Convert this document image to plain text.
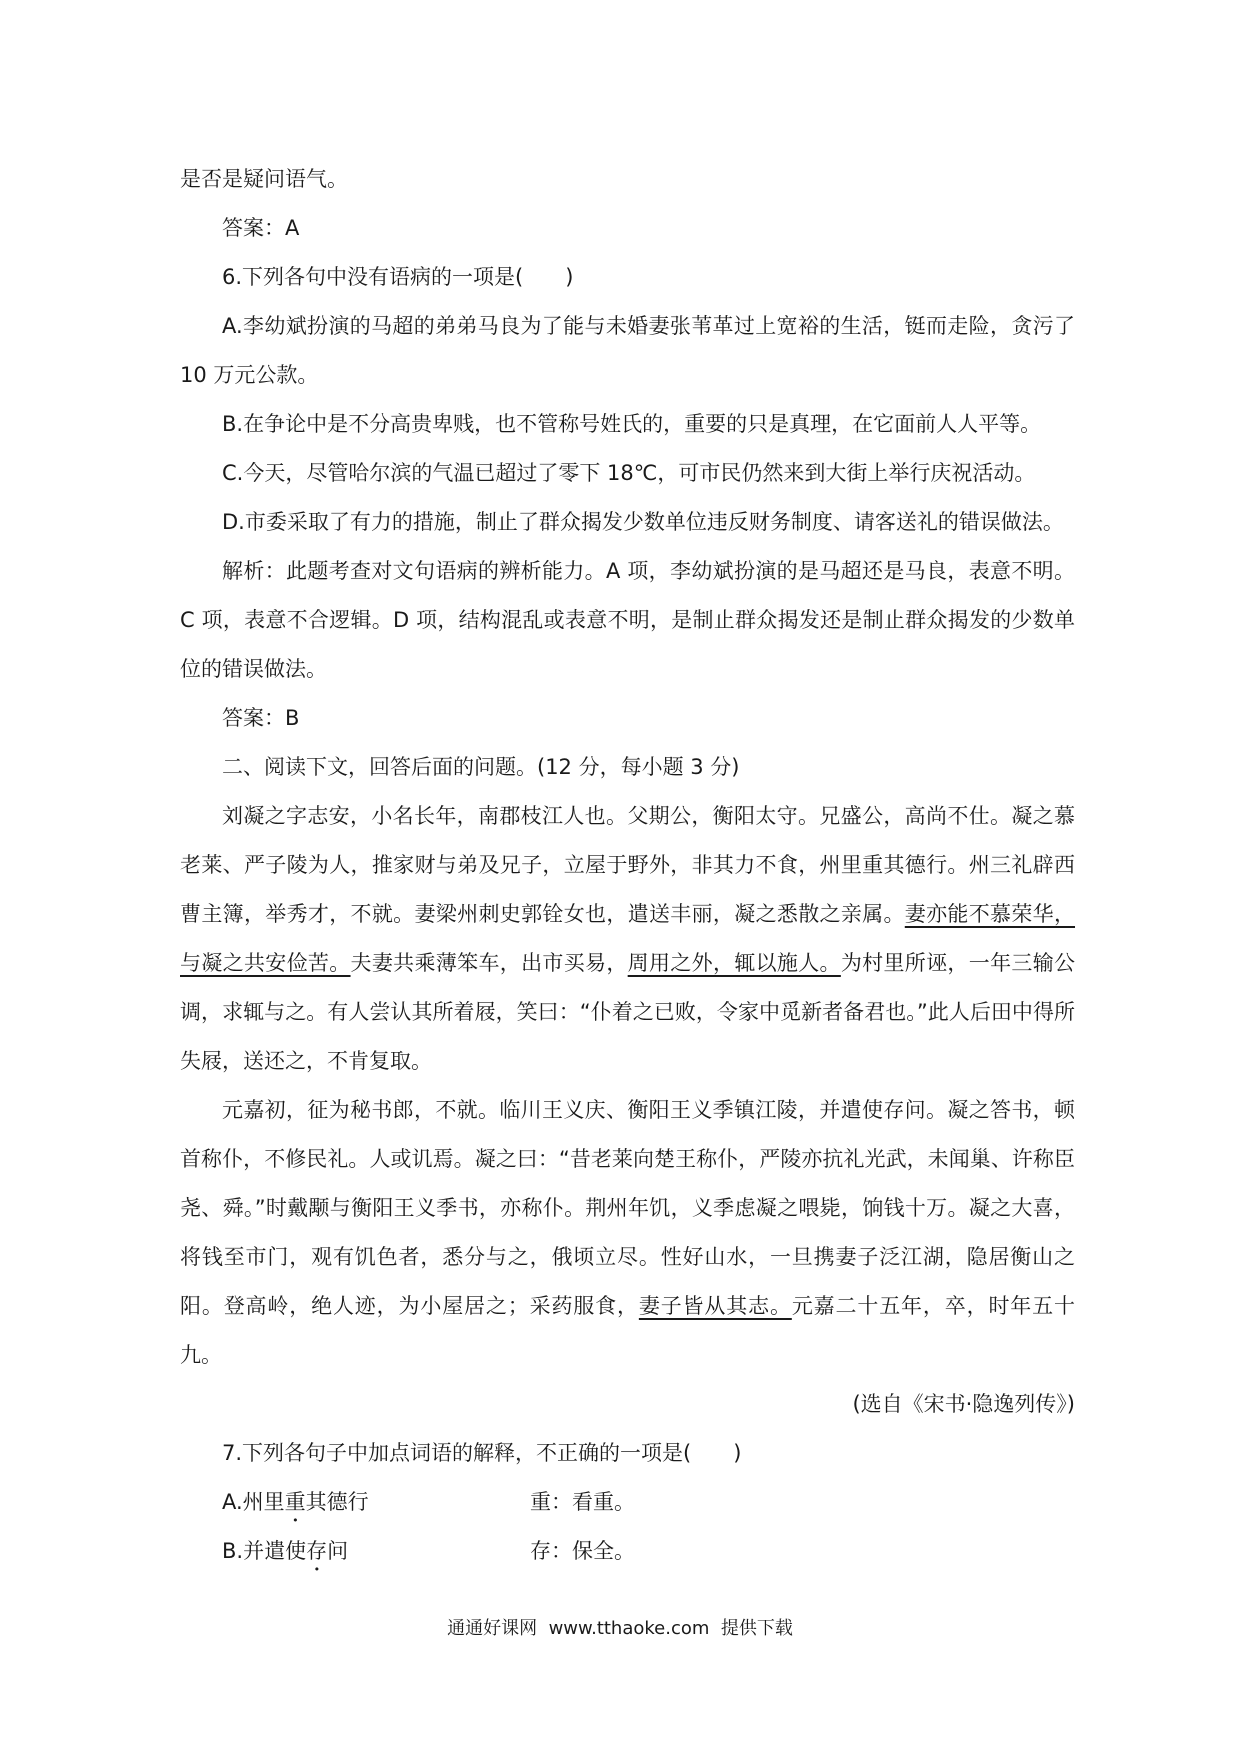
是否是疑问语气。

答案：A

6.下列各句中没有语病的一项是(　　)

A.李幼斌扮演的马超的弟弟马良为了能与未婚妻张苇革过上宽裕的生活，铤而走险，贪污了 10 万元公款。

B.在争论中是不分高贵卑贱，也不管称号姓氏的，重要的只是真理，在它面前人人平等。

C.今天，尽管哈尔滨的气温已超过了零下 18℃，可市民仍然来到大街上举行庆祝活动。

D.市委采取了有力的措施，制止了群众揭发少数单位违反财务制度、请客送礼的错误做法。

解析：此题考查对文句语病的辨析能力。A 项，李幼斌扮演的是马超还是马良，表意不明。C 项，表意不合逻辑。D 项，结构混乱或表意不明，是制止群众揭发还是制止群众揭发的少数单位的错误做法。

答案：B

二、阅读下文，回答后面的问题。(12 分，每小题 3 分)

刘凝之字志安，小名长年，南郡枝江人也。父期公，衡阳太守。兄盛公，高尚不仕。凝之慕老莱、严子陵为人，推家财与弟及兄子，立屋于野外，非其力不食，州里重其德行。州三礼辟西曹主簿，举秀才，不就。妻梁州刺史郭铨女也，遣送丰丽，凝之悉散之亲属。妻亦能不慕荣华，与凝之共安俭苦。夫妻共乘薄笨车，出市买易，周用之外，辄以施人。为村里所诬，一年三输公调，求辄与之。有人尝认其所着屐，笑曰：“仆着之已败，令家中觅新者备君也。”此人后田中得所失屐，送还之，不肯复取。

元嘉初，征为秘书郎，不就。临川王义庆、衡阳王义季镇江陵，并遣使存问。凝之答书，顿首称仆，不修民礼。人或讥焉。凝之曰：“昔老莱向楚王称仆，严陵亦抗礼光武，未闻巢、许称臣尧、舜。”时戴颙与衡阳王义季书，亦称仆。荆州年饥，义季虑凝之喂毙，饷钱十万。凝之大喜，将钱至市门，观有饥色者，悉分与之，俄顷立尽。性好山水，一旦携妻子泛江湖，隐居衡山之阳。登高岭，绝人迹，为小屋居之；采药服食，妻子皆从其志。元嘉二十五年，卒，时年五十九。

(选自《宋书·隐逸列传》)

7.下列各句子中加点词语的解释，不正确的一项是(　　)

A.州里重其德行	重：看重。
B.并遣使存问	存：保全。
通通好课网  www.tthaoke.com  提供下载
